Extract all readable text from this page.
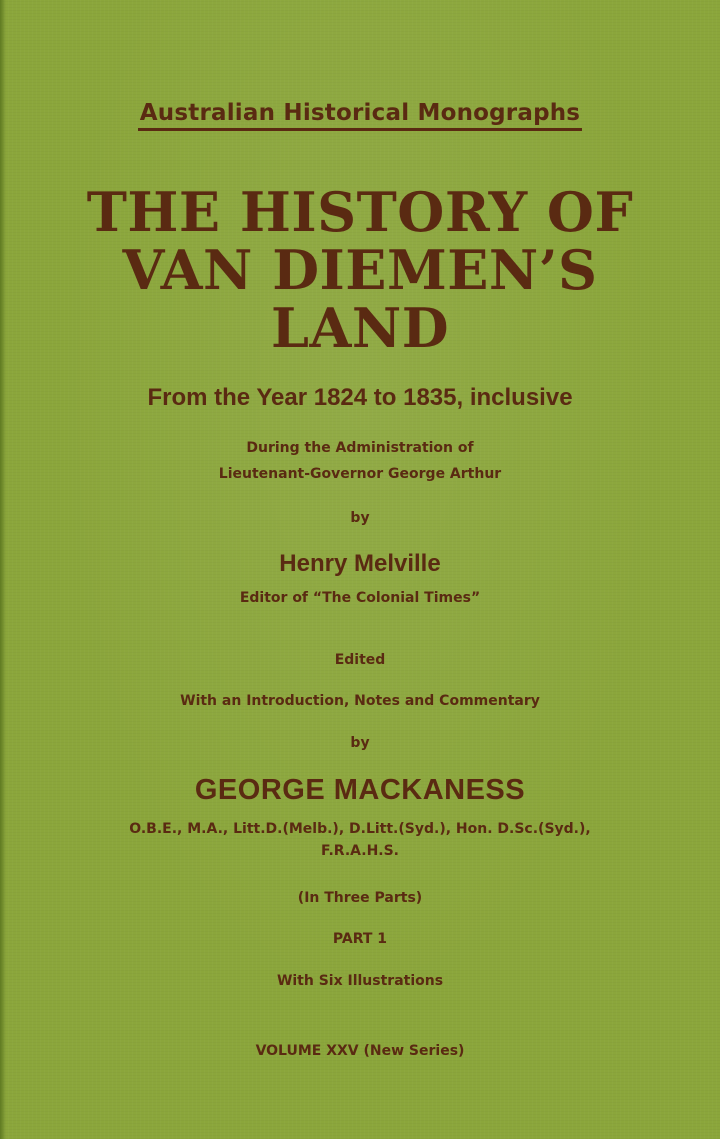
Australian Historical Monographs
THE HISTORY OF
VAN DIEMEN’S
LAND
From the Year 1824 to 1835, inclusive
During the Administration of
Lieutenant-Governor George Arthur
by
Henry Melville
Editor of “The Colonial Times”
Edited
With an Introduction, Notes and Commentary
by
GEORGE MACKANESS
O.B.E., M.A., Litt.D.(Melb.), D.Litt.(Syd.), Hon. D.Sc.(Syd.),
F.R.A.H.S.
(In Three Parts)
PART 1
With Six Illustrations
VOLUME XXV (New Series)
